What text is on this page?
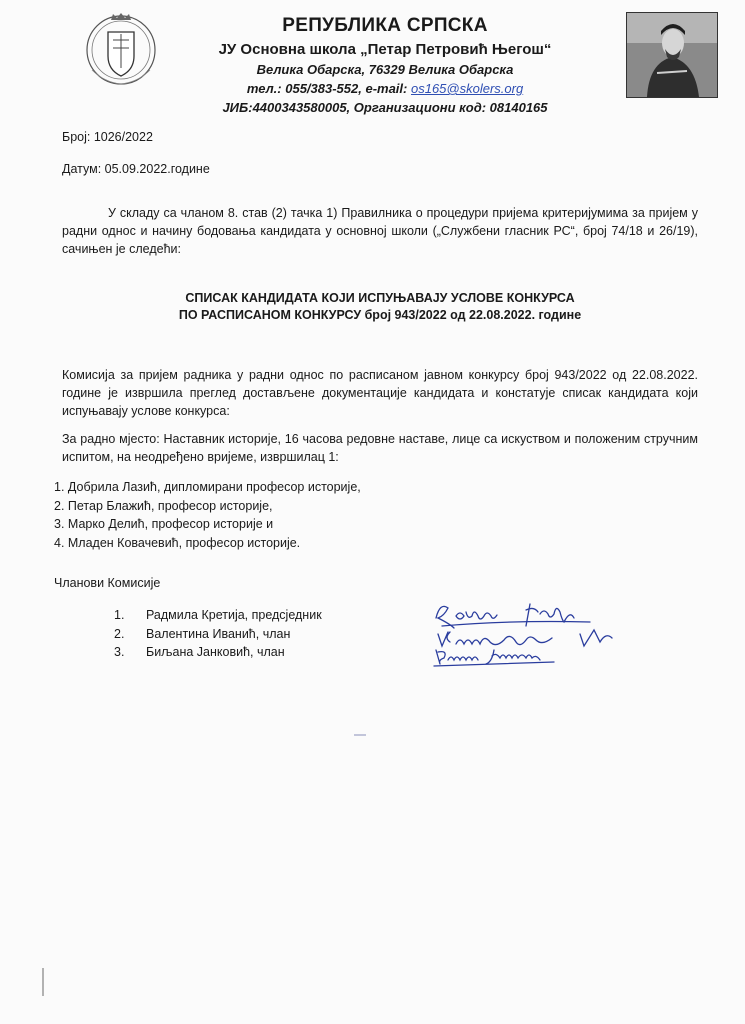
РЕПУБЛИКА СРПСКА
ЈУ Основна школа „Петар Петровић Његош“
Велика Обарска, 76329 Велика Обарска
тел.: 055/383-552, e-mail: os165@skolers.org
ЈИБ:4400343580005, Организациони код: 08140165
Број: 1026/2022
Датум: 05.09.2022.године
У складу са чланом 8. став (2) тачка 1) Правилника о процедури пријема критеријумима за пријем у радни однос и начину бодовања кандидата у основној школи („Службени гласник РС“, број 74/18 и 26/19), сачињен је следећи:
СПИСАК КАНДИДАТА КОЈИ ИСПУЊАВАЈУ УСЛОВЕ КОНКУРСА
ПО РАСПИСАНОМ КОНКУРСУ број 943/2022 од 22.08.2022. године
Комисија за пријем радника у радни однос по расписаном јавном конкурсу број 943/2022 од 22.08.2022. године је извршила преглед достављене документације кандидата и констатује списак кандидата који испуњавају услове конкурса:
За радно мјесто: Наставник историје, 16 часова редовне наставе, лице са искуством и положеним стручним испитом, на неодређено вријеме, извршилац 1:
1. Добрила Лазић, дипломирани професор историје,
2. Петар Блажић, професор историје,
3. Марко Делић, професор историје и
4. Младен Ковачевић, професор историје.
Чланови Комисије
1.	Радмила Кретија, предсједник
2.	Валентина Иванић, члан
3.	Биљана Јанковић, члан
